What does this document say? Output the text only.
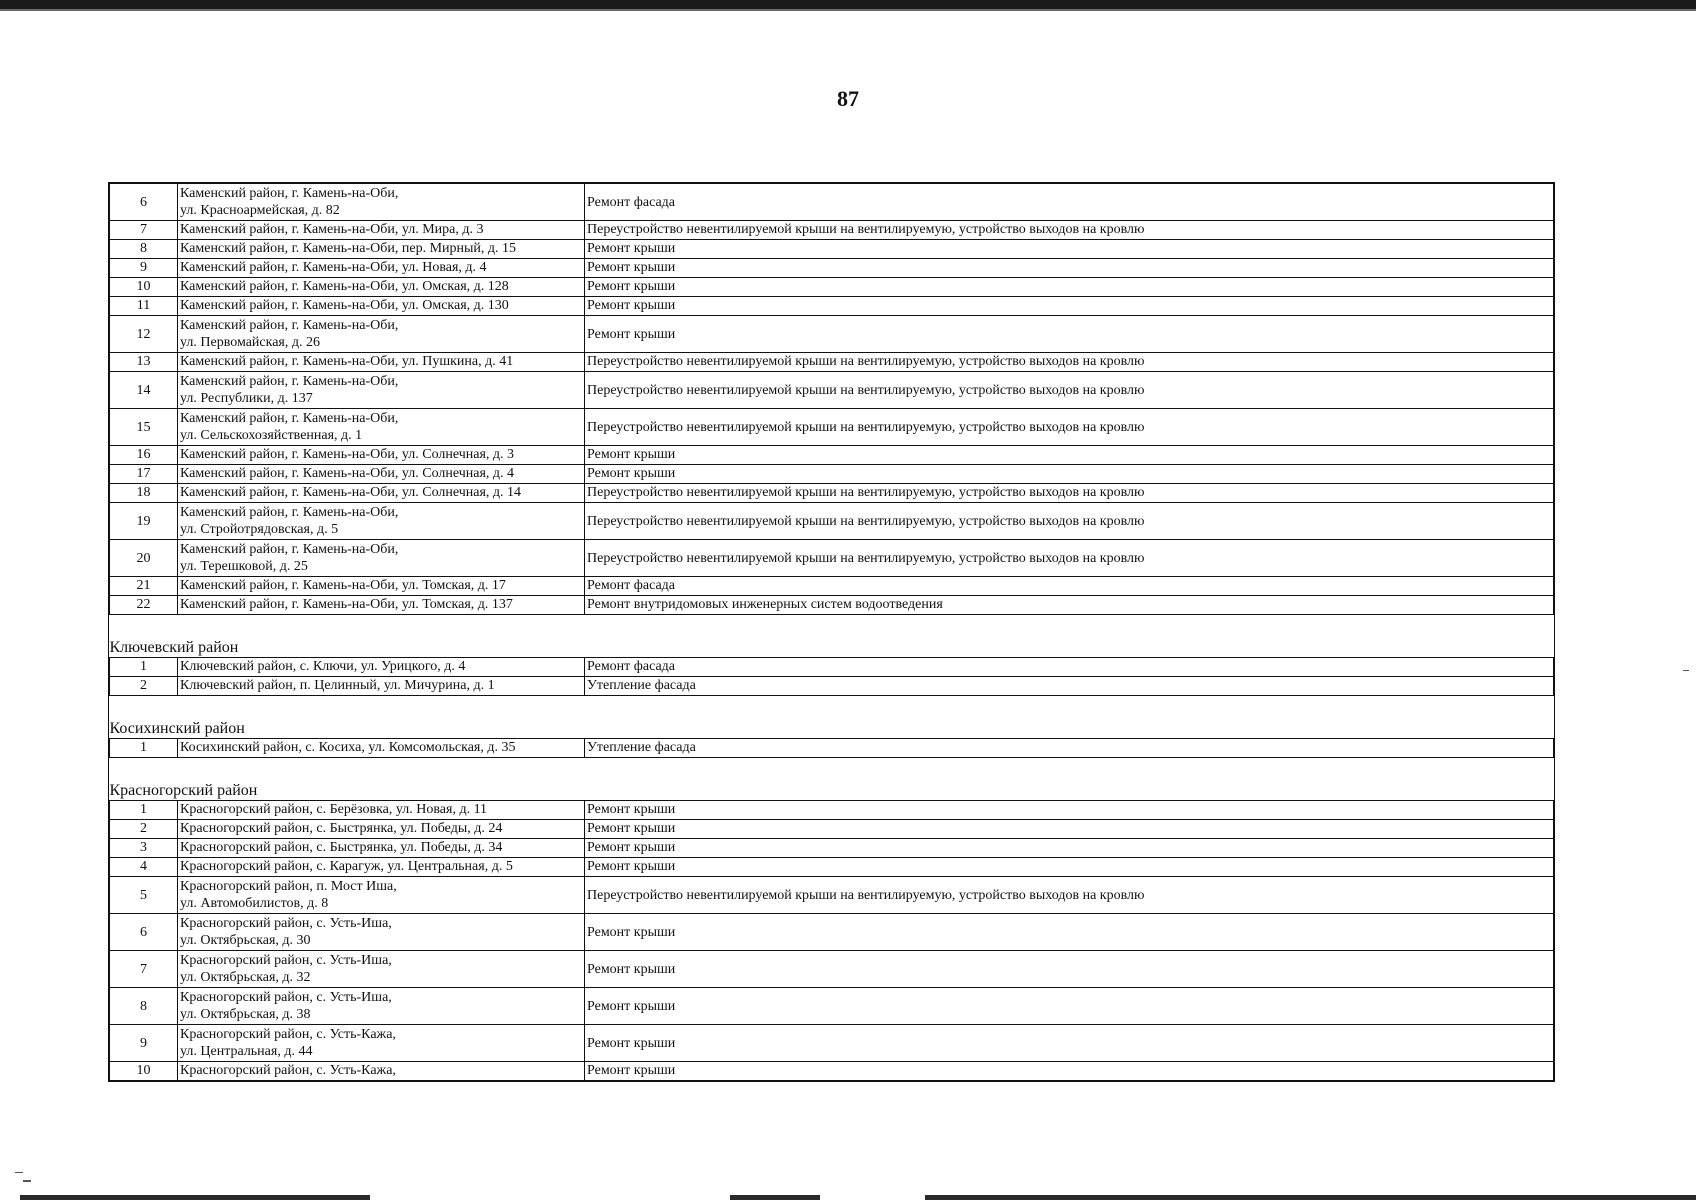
87
6	Каменский район, г. Камень-на-Оби,
ул. Красноармейская, д. 82	Ремонт фасада
7	Каменский район, г. Камень-на-Оби, ул. Мира, д. 3	Переустройство невентилируемой крыши на вентилируемую, устройство выходов на кровлю
8	Каменский район, г. Камень-на-Оби, пер. Мирный, д. 15	Ремонт крыши
9	Каменский район, г. Камень-на-Оби, ул. Новая, д. 4	Ремонт крыши
10	Каменский район, г. Камень-на-Оби, ул. Омская, д. 128	Ремонт крыши
11	Каменский район, г. Камень-на-Оби, ул. Омская, д. 130	Ремонт крыши
12	Каменский район, г. Камень-на-Оби,
ул. Первомайская, д. 26	Ремонт крыши
13	Каменский район, г. Камень-на-Оби, ул. Пушкина, д. 41	Переустройство невентилируемой крыши на вентилируемую, устройство выходов на кровлю
14	Каменский район, г. Камень-на-Оби,
ул. Республики, д. 137	Переустройство невентилируемой крыши на вентилируемую, устройство выходов на кровлю
15	Каменский район, г. Камень-на-Оби,
ул. Сельскохозяйственная, д. 1	Переустройство невентилируемой крыши на вентилируемую, устройство выходов на кровлю
16	Каменский район, г. Камень-на-Оби, ул. Солнечная, д. 3	Ремонт крыши
17	Каменский район, г. Камень-на-Оби, ул. Солнечная, д. 4	Ремонт крыши
18	Каменский район, г. Камень-на-Оби, ул. Солнечная, д. 14	Переустройство невентилируемой крыши на вентилируемую, устройство выходов на кровлю
19	Каменский район, г. Камень-на-Оби,
ул. Стройотрядовская, д. 5	Переустройство невентилируемой крыши на вентилируемую, устройство выходов на кровлю
20	Каменский район, г. Камень-на-Оби,
ул. Терешковой, д. 25	Переустройство невентилируемой крыши на вентилируемую, устройство выходов на кровлю
21	Каменский район, г. Камень-на-Оби, ул. Томская, д. 17	Ремонт фасада
22	Каменский район, г. Камень-на-Оби, ул. Томская, д. 137	Ремонт внутридомовых инженерных систем водоотведения
Ключевский район		
1	Ключевский район, с. Ключи, ул. Урицкого, д. 4	Ремонт фасада
2	Ключевский район, п. Целинный, ул. Мичурина, д. 1	Утепление фасада
Косихинский район		
1	Косихинский район, с. Косиха, ул. Комсомольская, д. 35	Утепление фасада
Красногорский район		
1	Красногорский район, с. Берёзовка, ул. Новая, д. 11	Ремонт крыши
2	Красногорский район, с. Быстрянка, ул. Победы, д. 24	Ремонт крыши
3	Красногорский район, с. Быстрянка, ул. Победы, д. 34	Ремонт крыши
4	Красногорский район, с. Карагуж, ул. Центральная, д. 5	Ремонт крыши
5	Красногорский район, п. Мост Иша,
ул. Автомобилистов, д. 8	Переустройство невентилируемой крыши на вентилируемую, устройство выходов на кровлю
6	Красногорский район, с. Усть-Иша,
ул. Октябрьская, д. 30	Ремонт крыши
7	Красногорский район, с. Усть-Иша,
ул. Октябрьская, д. 32	Ремонт крыши
8	Красногорский район, с. Усть-Иша,
ул. Октябрьская, д. 38	Ремонт крыши
9	Красногорский район, с. Усть-Кажа,
ул. Центральная, д. 44	Ремонт крыши
10	Красногорский район, с. Усть-Кажа,	Ремонт крыши
